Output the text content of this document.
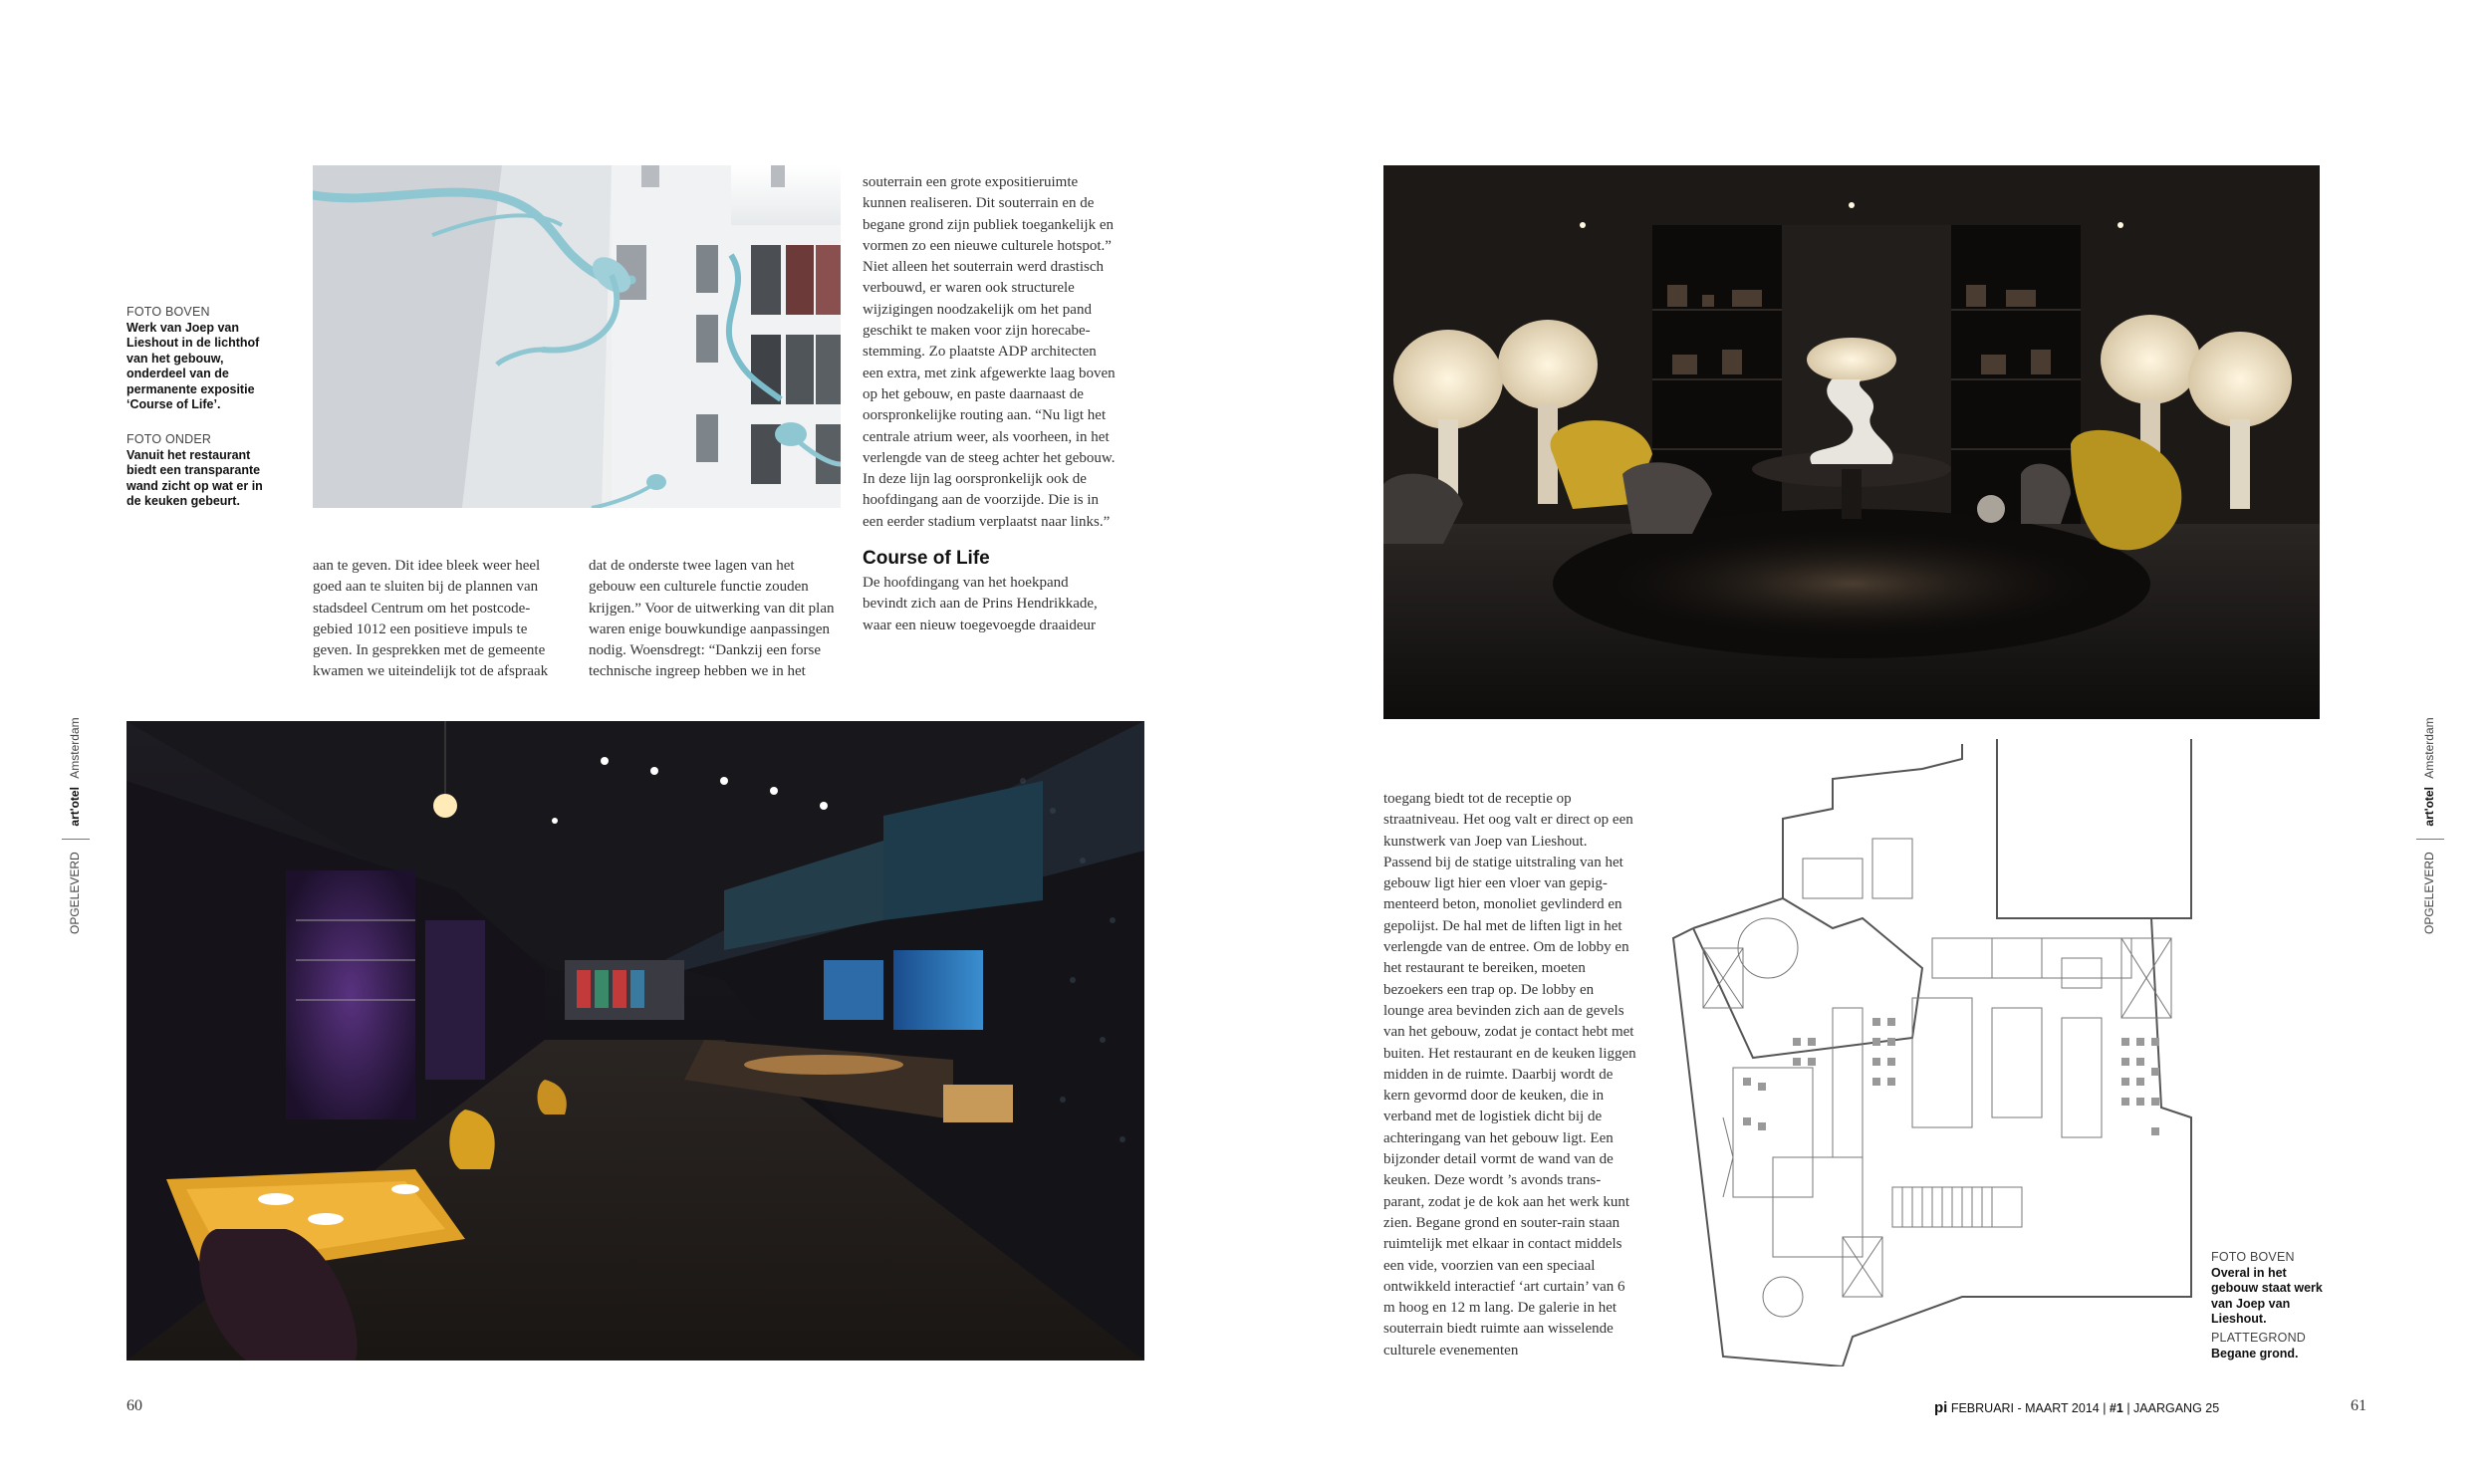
FOTO BOVEN
Werk van Joep van Lieshout in de lichthof van het gebouw, onderdeel van de permanente expositie ‘Course of Life’.
FOTO ONDER
Vanuit het restaurant biedt een transparante wand zicht op wat er in de keuken gebeurt.
aan te geven. Dit idee bleek weer heel goed aan te sluiten bij de plannen van stadsdeel Centrum om het postcode-gebied 1012 een positieve impuls te geven. In gesprekken met de gemeente kwamen we uiteindelijk tot de afspraak
dat de onderste twee lagen van het gebouw een culturele functie zouden krijgen.” Voor de uitwerking van dit plan waren enige bouwkundige aanpassingen nodig. Woensdregt: “Dankzij een forse technische ingreep hebben we in het
souterrain een grote expositieruimte kunnen realiseren. Dit souterrain en de begane grond zijn publiek toegankelijk en vormen zo een nieuwe culturele hotspot.”
Niet alleen het souterrain werd drastisch verbouwd, er waren ook structurele wijzigingen noodzakelijk om het pand geschikt te maken voor zijn horecabe-stemming. Zo plaatste ADP architecten een extra, met zink afgewerkte laag boven op het gebouw, en paste daarnaast de oorspronkelijke routing aan. “Nu ligt het centrale atrium weer, als voorheen, in het verlengde van de steeg achter het gebouw. In deze lijn lag oorspronkelijk ook de hoofdingang aan de voorzijde. Die is in een eerder stadium verplaatst naar links.”
Course of Life
De hoofdingang van het hoekpand bevindt zich aan de Prins Hendrikkade, waar een nieuw toegevoegde draaideur
OPGELEVERD  art'otel Amsterdam
60
toegang biedt tot de receptie op straatniveau. Het oog valt er direct op een kunstwerk van Joep van Lieshout. Passend bij de statige uitstraling van het gebouw ligt hier een vloer van gepig-menteerd beton, monoliet gevlinderd en gepolijst. De hal met de liften ligt in het verlengde van de entree. Om de lobby en het restaurant te bereiken, moeten bezoekers een trap op. De lobby en lounge area bevinden zich aan de gevels van het gebouw, zodat je contact hebt met buiten. Het restaurant en de keuken liggen midden in de ruimte. Daarbij wordt de kern gevormd door de keuken, die in verband met de logistiek dicht bij de achteringang van het gebouw ligt. Een bijzonder detail vormt de wand van de keuken. Deze wordt ’s avonds trans-parant, zodat je de kok aan het werk kunt zien. Begane grond en souter-rain staan ruimtelijk met elkaar in contact middels een vide, voorzien van een speciaal ontwikkeld interactief ‘art curtain’ van 6 m hoog en 12 m lang. De galerie in het souterrain biedt ruimte aan wisselende culturele evenementen
FOTO BOVEN
Overal in het gebouw staat werk van Joep van Lieshout.
PLATTEGROND
Begane grond.
OPGELEVERD  art'otel Amsterdam
pi FEBRUARI - MAART 2014 | #1 | JAARGANG 25	61
